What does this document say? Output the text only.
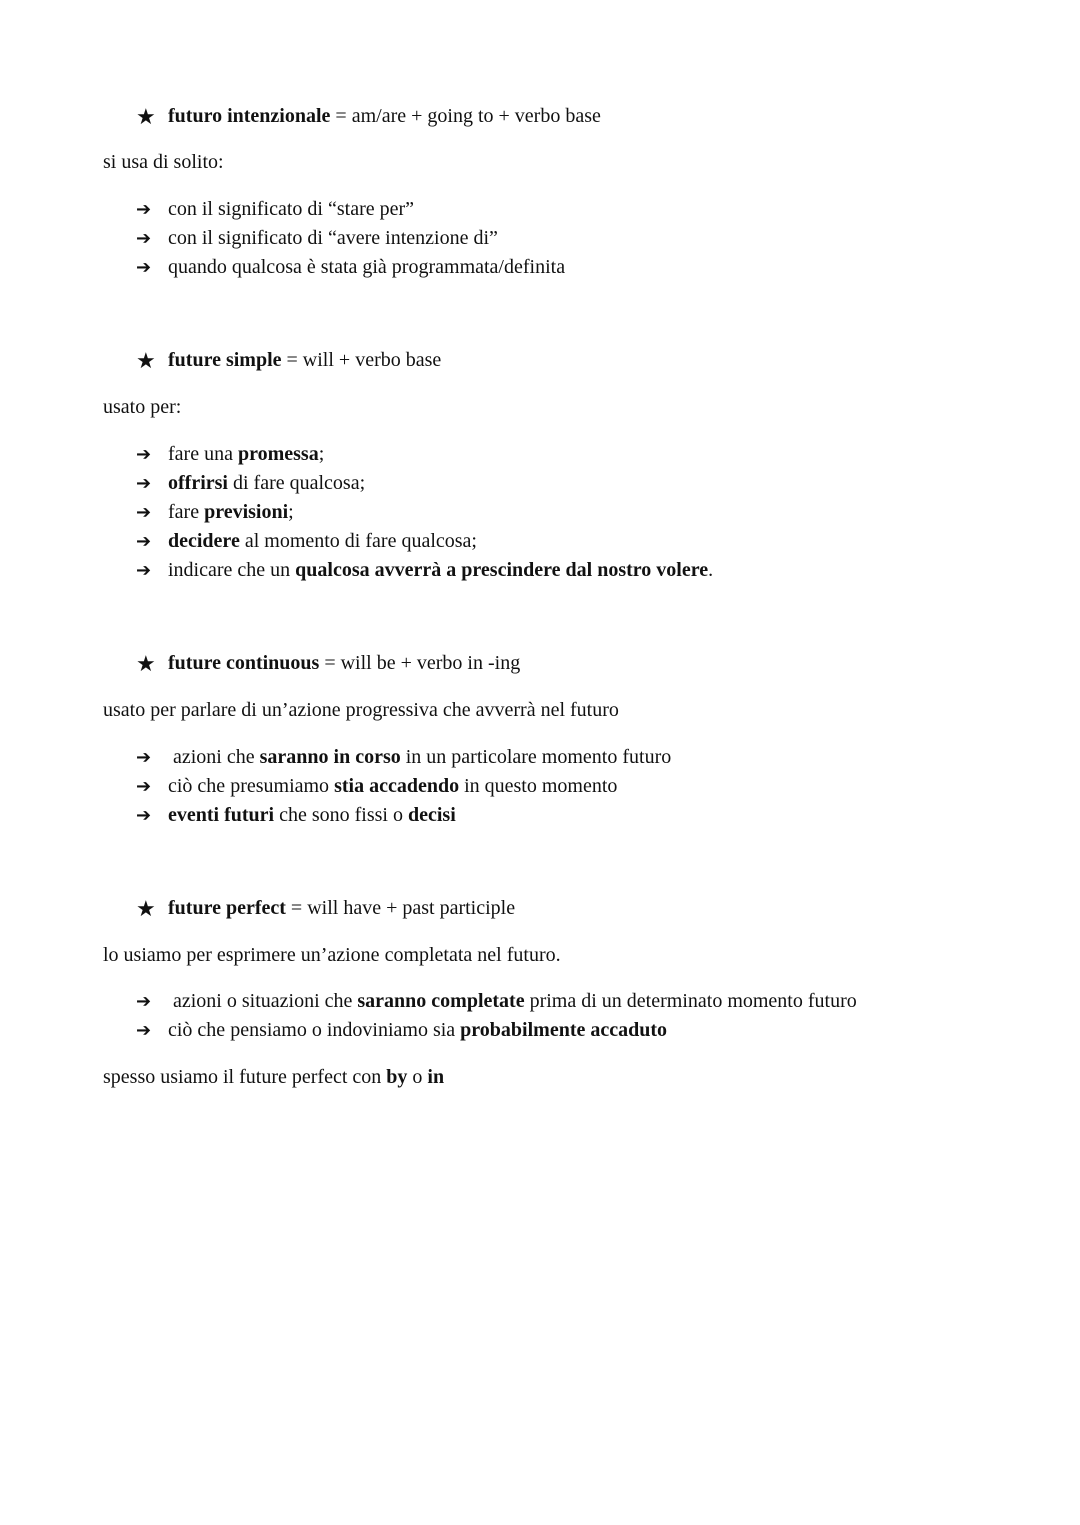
★ futuro intenzionale = am/are + going to + verbo base
si usa di solito:
➔ con il significato di “stare per”
➔ con il significato di “avere intenzione di”
➔ quando qualcosa è stata già programmata/definita
★ future simple = will + verbo base
usato per:
➔ fare una promessa ;
➔ offrirsi di fare qualcosa;
➔ fare previsioni ;
➔ decidere al momento di fare qualcosa;
➔ indicare che un qualcosa avverrà a prescindere dal nostro volere .
★ future continuous = will be + verbo in -ing
usato per parlare di un’azione progressiva che avverrà nel futuro
➔ azioni che saranno in corso in un particolare momento futuro
➔ ciò che presumiamo stia accadendo in questo momento
➔ eventi futuri che sono fissi o decisi
★ future perfect = will have + past participle
lo usiamo per esprimere un’azione completata nel futuro.
➔ azioni o situazioni che saranno completate prima di un determinato momento futuro
➔ ciò che pensiamo o indoviniamo sia probabilmente accaduto
spesso usiamo il future perfect con by o in
